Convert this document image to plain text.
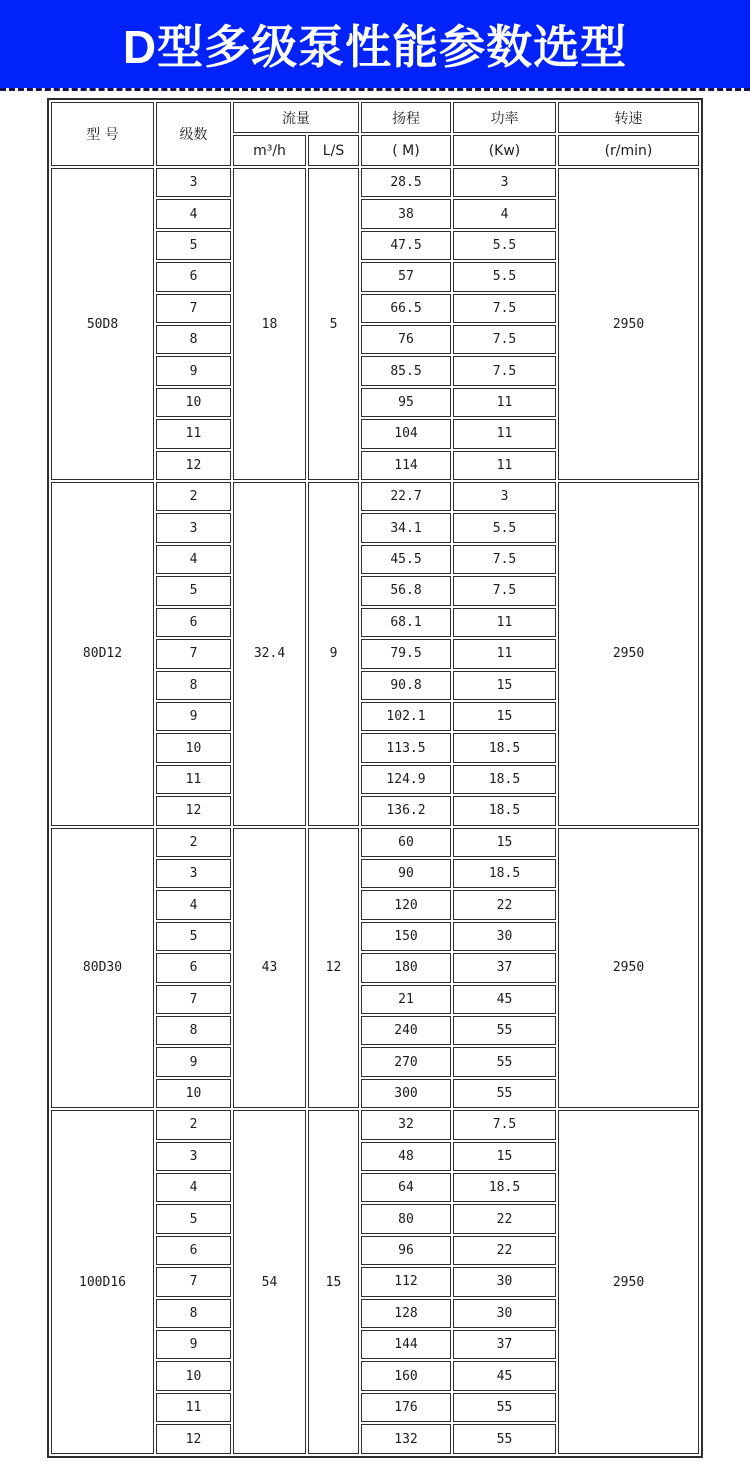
D型多级泵性能参数选型
型 号	级数	流量		扬程	功率	转速
		m³/h	L/S	( M)	(Kw)	(r/min)
50D8	3	18	5	28.5	3	2950
	4			38	4	
	5			47.5	5.5	
	6			57	5.5	
	7			66.5	7.5	
	8			76	7.5	
	9			85.5	7.5	
	10			95	11	
	11			104	11	
	12			114	11	
80D12	2	32.4	9	22.7	3	2950
	3			34.1	5.5	
	4			45.5	7.5	
	5			56.8	7.5	
	6			68.1	11	
	7			79.5	11	
	8			90.8	15	
	9			102.1	15	
	10			113.5	18.5	
	11			124.9	18.5	
	12			136.2	18.5	
80D30	2	43	12	60	15	2950
	3			90	18.5	
	4			120	22	
	5			150	30	
	6			180	37	
	7			21	45	
	8			240	55	
	9			270	55	
	10			300	55	
100D16	2	54	15	32	7.5	2950
	3			48	15	
	4			64	18.5	
	5			80	22	
	6			96	22	
	7			112	30	
	8			128	30	
	9			144	37	
	10			160	45	
	11			176	55	
	12			132	55	
